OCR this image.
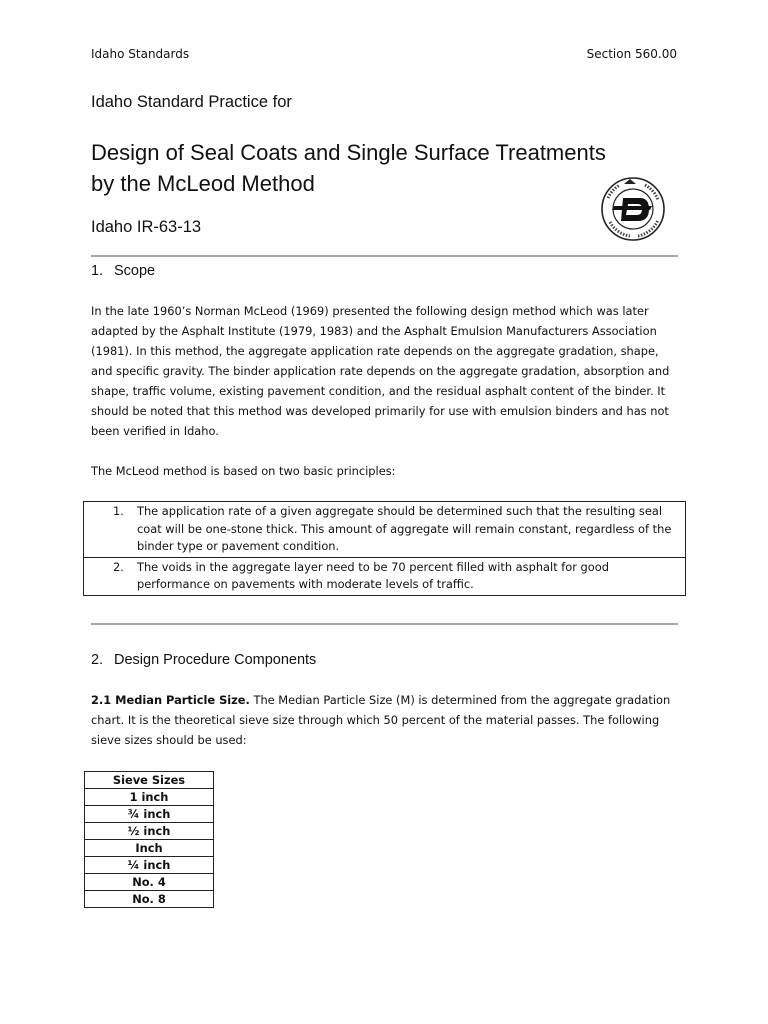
Idaho Standards	Section 560.00
Idaho Standard Practice for
Design of Seal Coats and Single Surface Treatments
by the McLeod Method
Idaho IR-63-13
D
1. Scope

In the late 1960’s Norman McLeod (1969) presented the following design method which was later adapted by the Asphalt Institute (1979, 1983) and the Asphalt Emulsion Manufacturers Association (1981). In this method, the aggregate application rate depends on the aggregate gradation, shape, and specific gravity. The binder application rate depends on the aggregate gradation, absorption and shape, traffic volume, existing pavement condition, and the residual asphalt content of the binder. It should be noted that this method was developed primarily for use with emulsion binders and has not been verified in Idaho.

The McLeod method is based on two basic principles:

1.	The application rate of a given aggregate should be determined such that the resulting seal coat will be one-stone thick. This amount of aggregate will remain constant, regardless of the binder type or pavement condition.

2.	The voids in the aggregate layer need to be 70 percent filled with asphalt for good performance on pavements with moderate levels of traffic.
2. Design Procedure Components

2.1 Median Particle Size. The Median Particle Size (M) is determined from the aggregate gradation chart. It is the theoretical sieve size through which 50 percent of the material passes. The following sieve sizes should be used:

Sieve Sizes
1 inch
¾ inch
½ inch
Inch
¼ inch
No. 4
No. 8
